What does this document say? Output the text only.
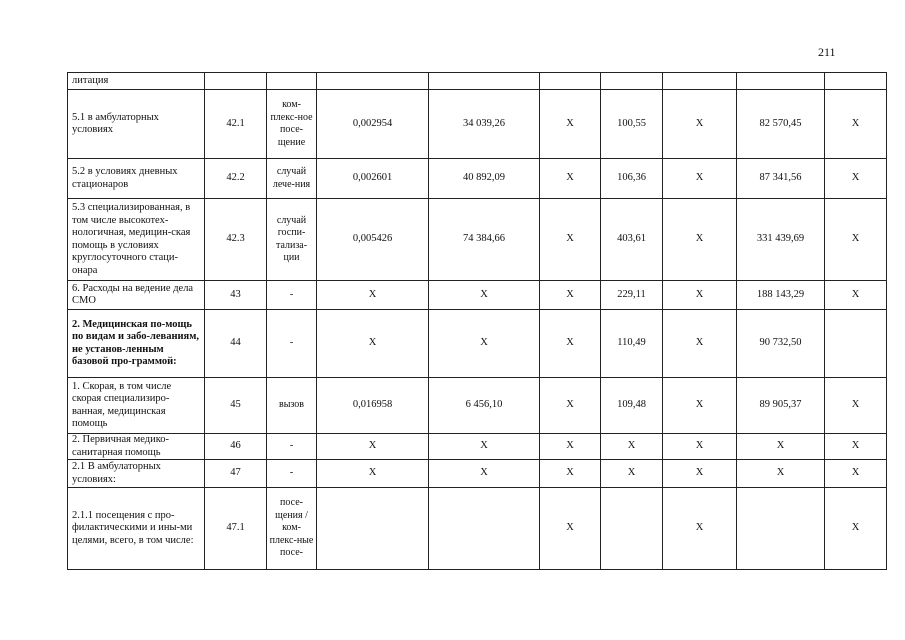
211
литация									
5.1 в амбулаторных условиях	42.1	ком-плекс-ное посе-щение	0,002954	34 039,26	X	100,55	X	82 570,45	X
5.2 в условиях дневных стационаров	42.2	случай лече-ния	0,002601	40 892,09	X	106,36	X	87 341,56	X
5.3 специализированная, в том числе высокотех-нологичная, медицин-ская помощь в условиях круглосуточного стаци-онара	42.3	случай госпи-тализа-ции	0,005426	74 384,66	X	403,61	X	331 439,69	X
6. Расходы на ведение дела СМО	43	-	X	X	X	229,11	X	188 143,29	X
2. Медицинская по-мощь по видам и забо-леваниям, не установ-ленным базовой про-граммой:	44	-	X	X	X	110,49	X	90 732,50	
1. Скорая, в том числе скорая специализиро-ванная, медицинская помощь	45	вызов	0,016958	6 456,10	X	109,48	X	89 905,37	X
2. Первичная медико-санитарная помощь	46	-	X	X	X	X	X	X	X
2.1 В амбулаторных условиях:	47	-	X	X	X	X	X	X	X
2.1.1 посещения с про-филактическими и ины-ми целями, всего, в том числе:	47.1	посе-щения / ком-плекс-ные посе-			X		X		X
